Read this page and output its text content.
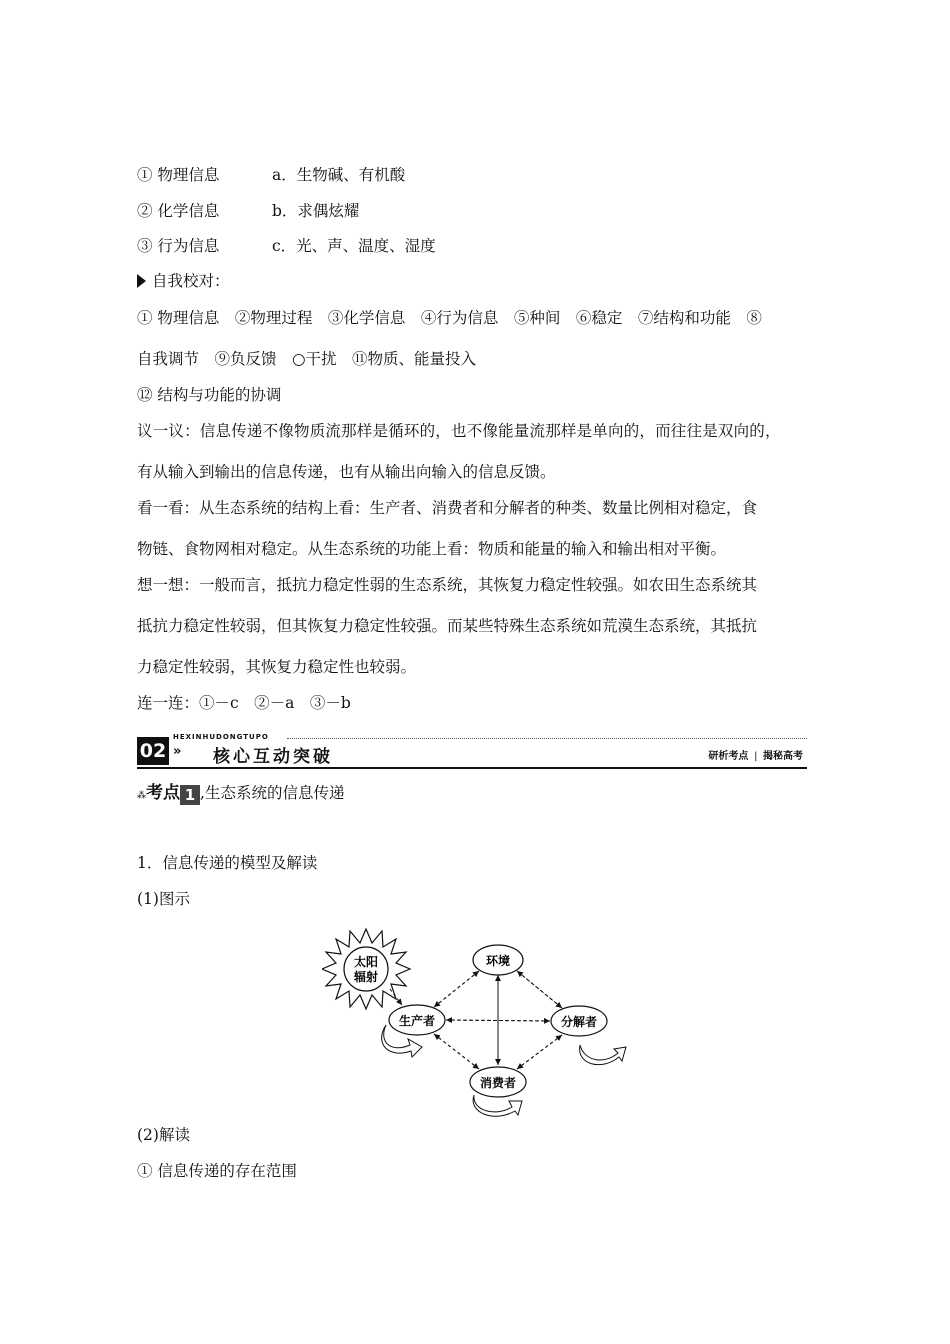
① 物理信息	a．生物碱、有机酸
② 化学信息	b．求偶炫耀
③ 行为信息	c．光、声、温度、湿度
自我校对：
① 物理信息　②物理过程　③化学信息　④行为信息　⑤种间　⑥稳定　⑦结构和功能　⑧
自我调节　⑨负反馈　○干扰　⑪物质、能量投入
⑫ 结构与功能的协调
议一议：信息传递不像物质流那样是循环的，也不像能量流那样是单向的，而往往是双向的，
有从输入到输出的信息传递，也有从输出向输入的信息反馈。
看一看：从生态系统的结构上看：生产者、消费者和分解者的种类、数量比例相对稳定，食
物链、食物网相对稳定。从生态系统的功能上看：物质和能量的输入和输出相对平衡。
想一想：一般而言，抵抗力稳定性弱的生态系统，其恢复力稳定性较强。如农田生态系统其
抵抗力稳定性较弱，但其恢复力稳定性较强。而某些特殊生态系统如荒漠生态系统，其抵抗
力稳定性较弱，其恢复力稳定性也较弱。
连一连：①－c　②－a　③－b
02
HEXINHUDONGTUPO
» 核心互动突破	研析考点 | 揭秘高考
⁂考点 1 ,生态系统的信息传递
1．信息传递的模型及解读
(1)图示
太阳
辐射
环境
生产者	分解者
消费者
(2)解读
① 信息传递的存在范围
